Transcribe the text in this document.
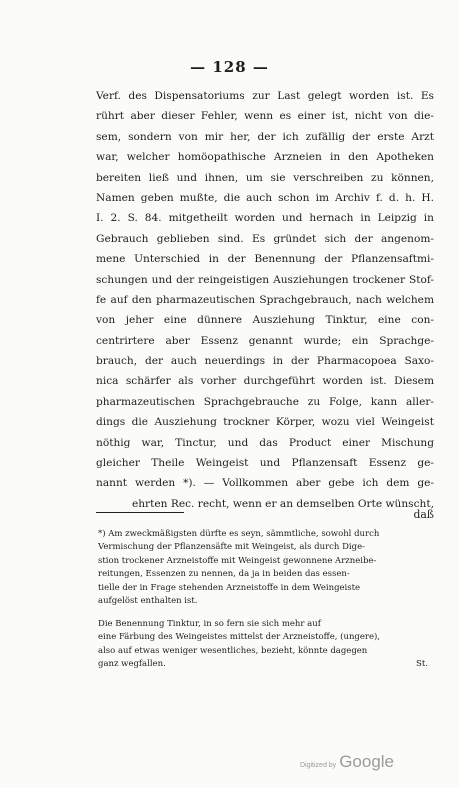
— 128 —
Verf. des Dispensatoriums zur Last gelegt worden ist. Es
rührt aber dieser Fehler, wenn es einer ist, nicht von die-
sem, sondern von mir her, der ich zufällig der erste Arzt
war, welcher homöopathische Arzneien in den Apotheken
bereiten ließ und ihnen, um sie verschreiben zu können,
Namen geben mußte, die auch schon im Archiv f. d. h. H.
I. 2. S. 84. mitgetheilt worden und hernach in Leipzig in
Gebrauch geblieben sind. Es gründet sich der angenom-
mene Unterschied in der Benennung der Pflanzensaftmi-
schungen und der reingeistigen Ausziehungen trockener Stof-
fe auf den pharmazeutischen Sprachgebrauch, nach welchem
von jeher eine dünnere Ausziehung Tinktur, eine con-
centrirtere aber Essenz genannt wurde; ein Sprachge-
brauch, der auch neuerdings in der Pharmacopoea Saxo-
nica schärfer als vorher durchgeführt worden ist. Diesem
pharmazeutischen Sprachgebrauche zu Folge, kann aller-
dings die Ausziehung trockner Körper, wozu viel Weingeist
nöthig war, Tinctur, und das Product einer Mischung
gleicher Theile Weingeist und Pflanzensaft Essenz ge-
nannt werden *). — Vollkommen aber gebe ich dem ge-
ehrten Rec. recht, wenn er an demselben Orte wünscht,
daß
*) Am zweckmäßigsten dürfte es seyn, sämmtliche, sowohl durch
Vermischung der Pflanzensäfte mit Weingeist, als durch Dige-
stion trockener Arzneistoffe mit Weingeist gewonnene Arzneibe-
reitungen, Essenzen zu nennen, da ja in beiden das essen-
tielle der in Frage stehenden Arzneistoffe in dem Weingeiste
aufgelöst enthalten ist.
Die Benennung Tinktur, in so fern sie sich mehr auf
eine Färbung des Weingeistes mittelst der Arzneistoffe, (ungere),
also auf etwas weniger wesentliches, bezieht, könnte dagegen
ganz wegfallen.	St.
Digitized by Google
